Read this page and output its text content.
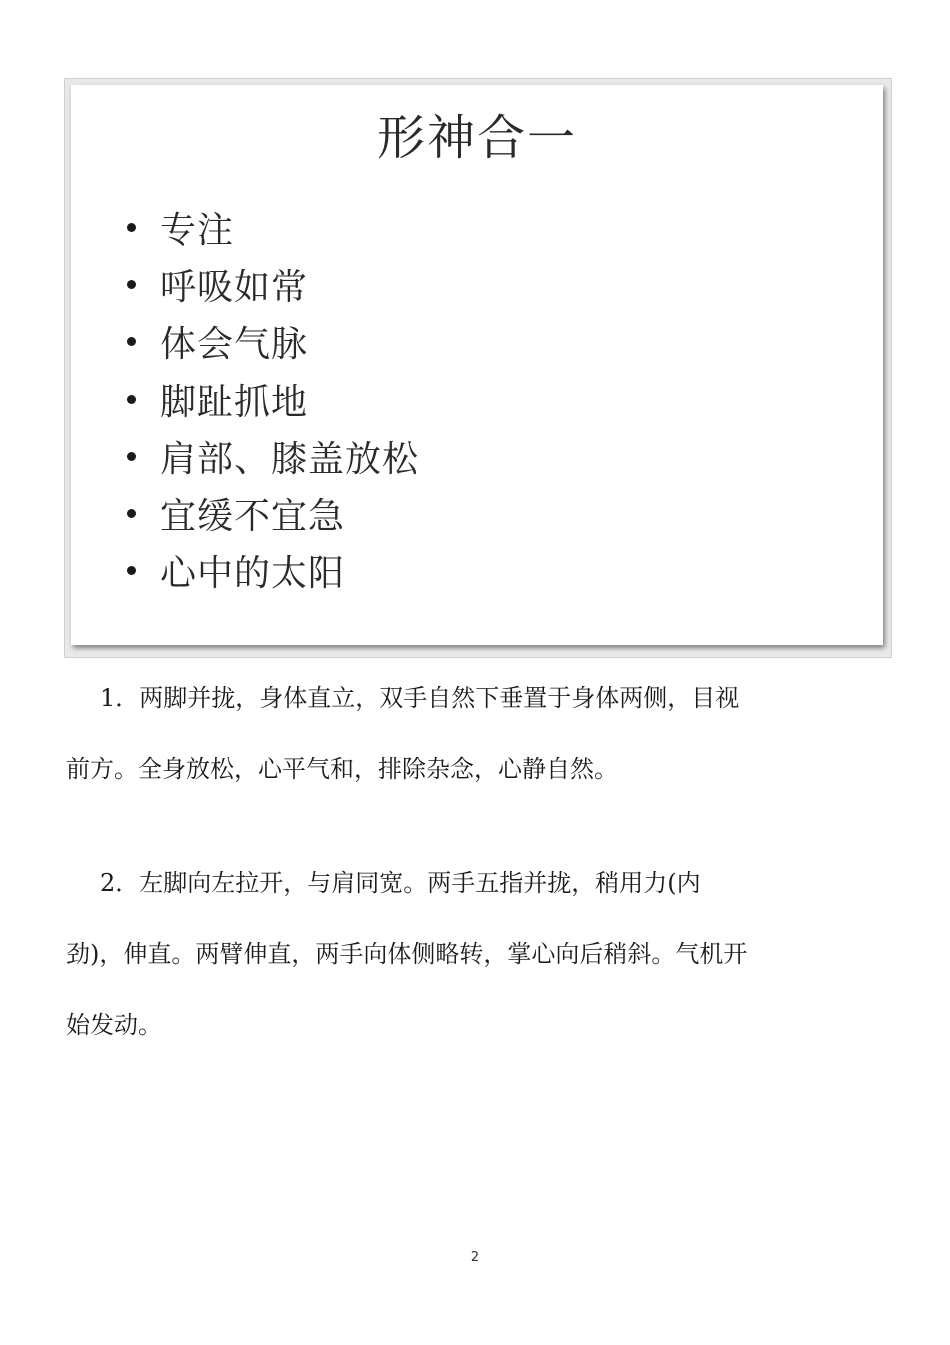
形神合一
专注
呼吸如常
体会气脉
脚趾抓地
肩部、膝盖放松
宜缓不宜急
心中的太阳

1．两脚并拢，身体直立，双手自然下垂置于身体两侧，目视
前方。全身放松，心平气和，排除杂念，心静自然。

2．左脚向左拉开，与肩同宽。两手五指并拢，稍用力(内
劲)，伸直。两臂伸直，两手向体侧略转，掌心向后稍斜。气机开
始发动。

2
